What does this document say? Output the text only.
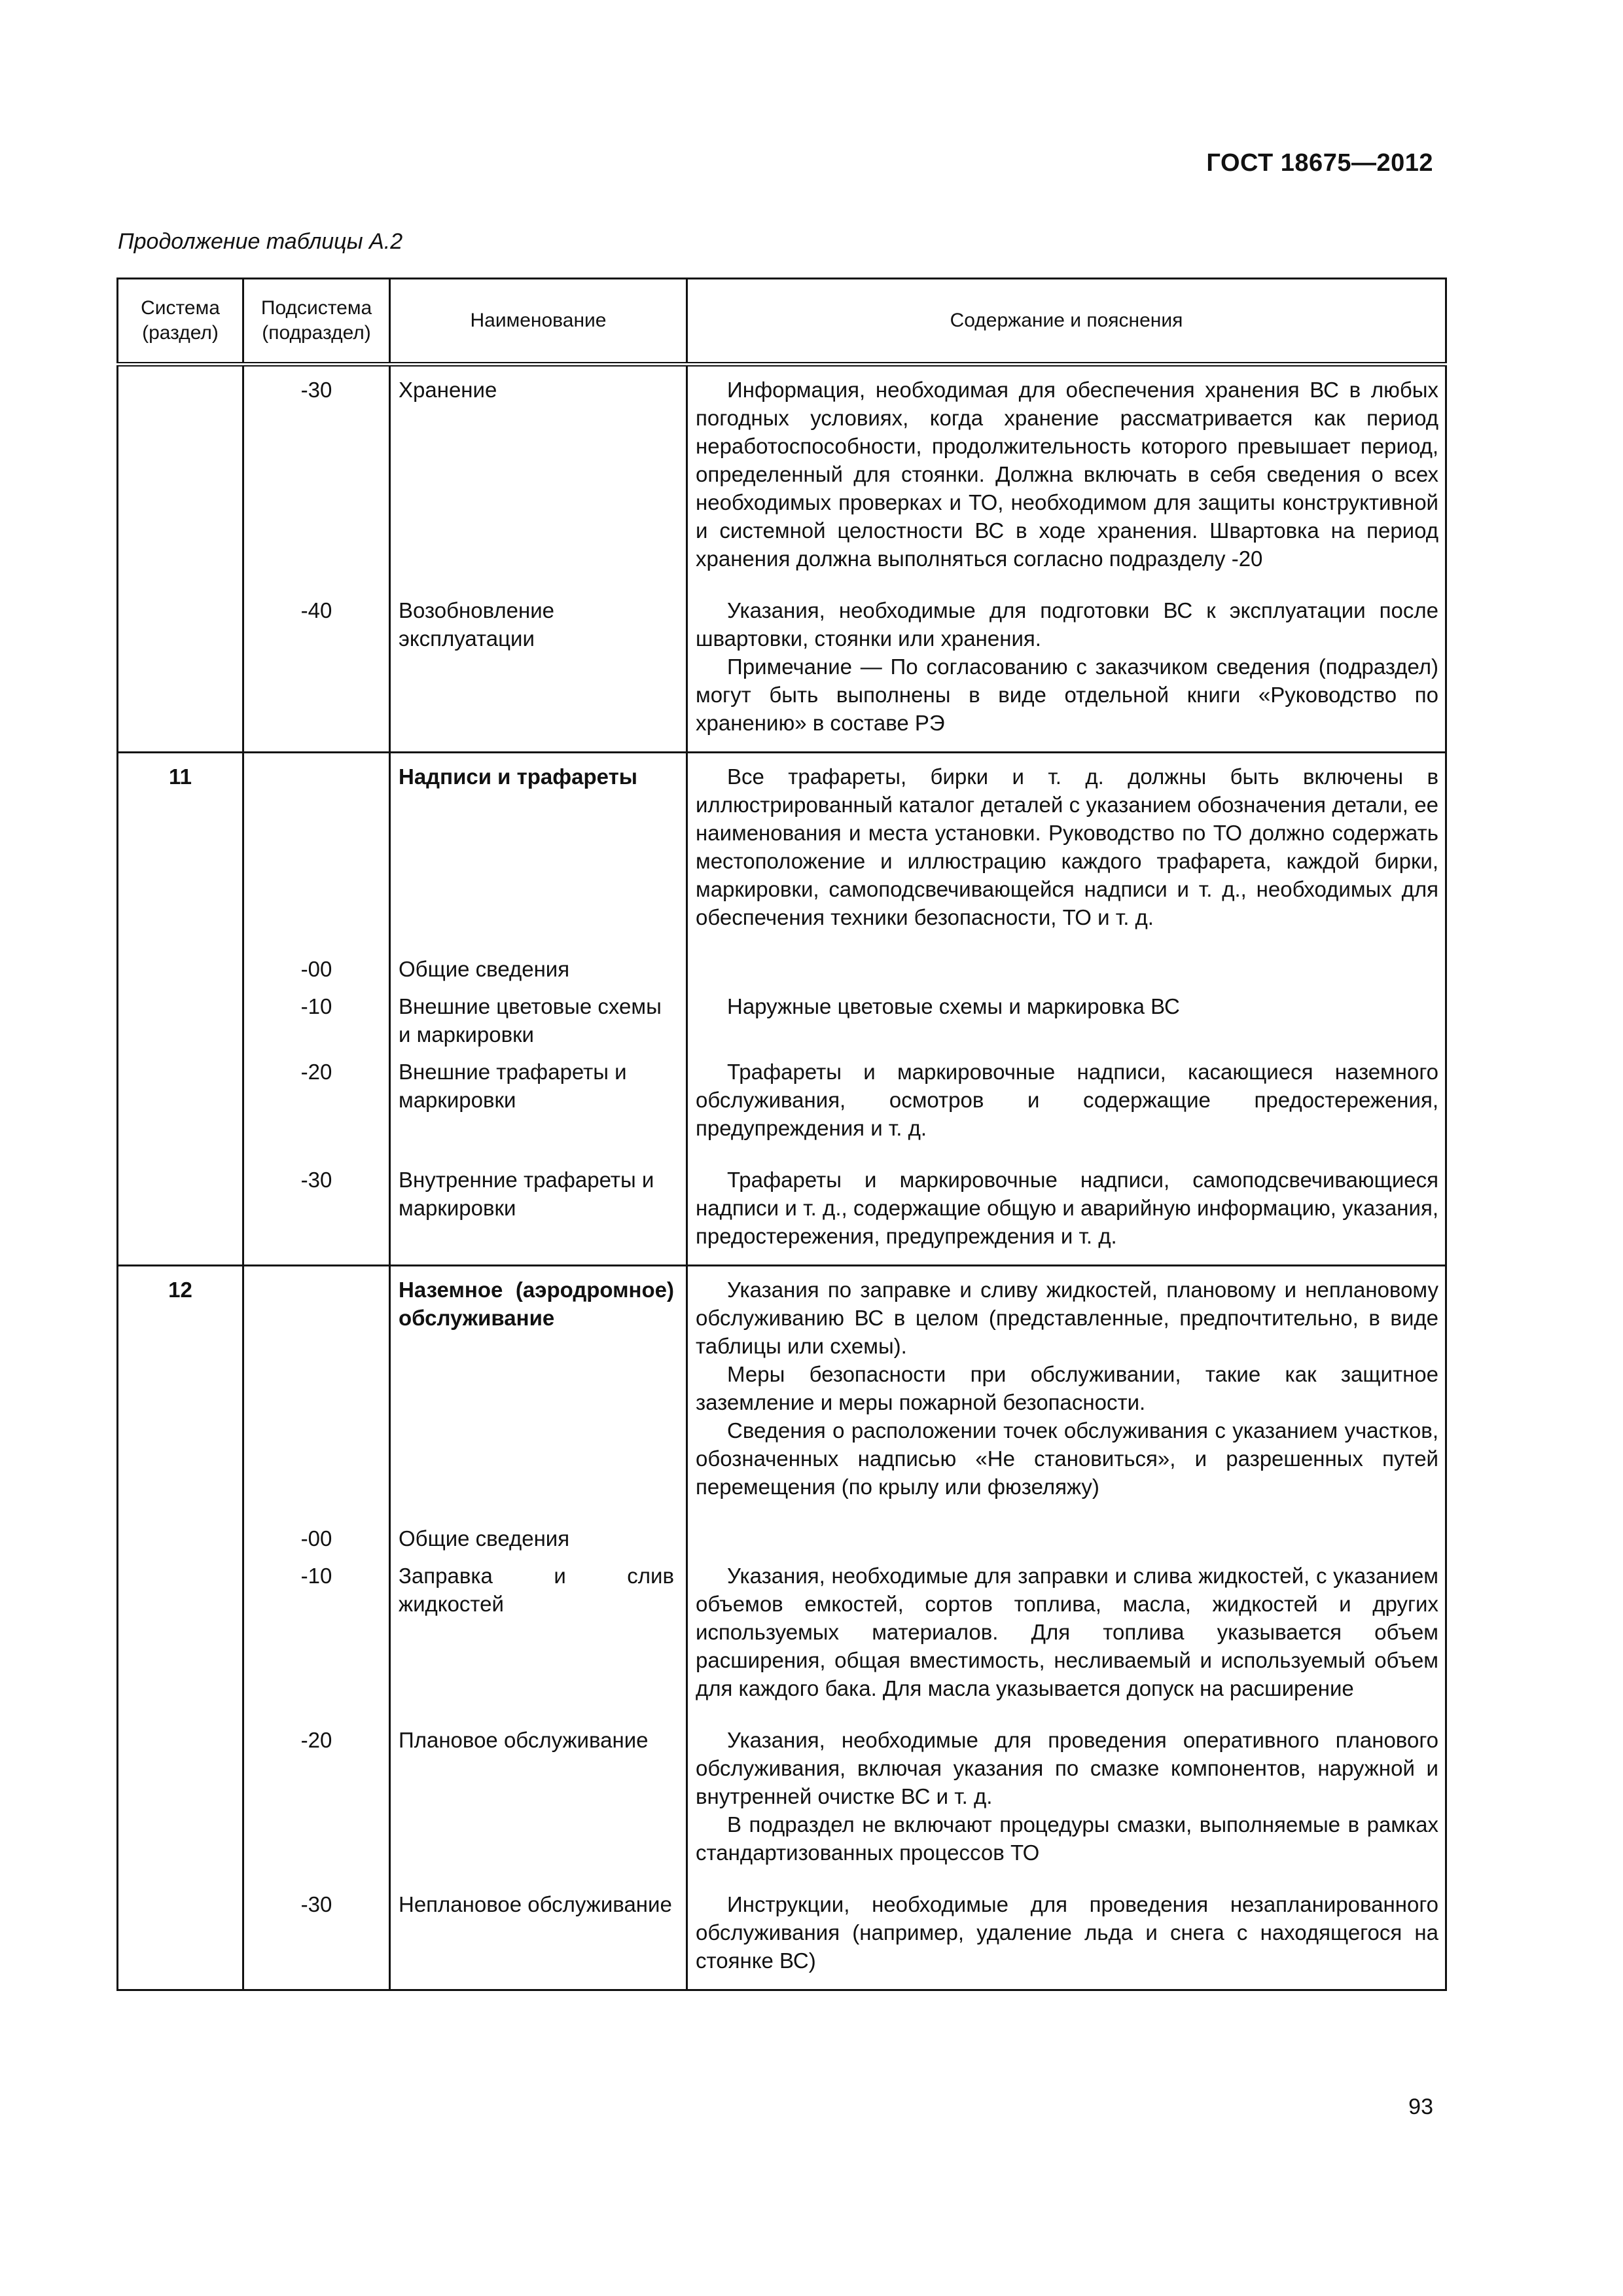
ГОСТ 18675—2012
Продолжение таблицы А.2
Система (раздел)	Подсистема (подраздел)	Наименование	Содержание и пояснения
	-30	Хранение	Информация, необходимая для обеспечения хранения ВС в любых погодных условиях, когда хранение рассматривается как период неработоспособности, продолжительность которого превышает период, определенный для стоянки. Должна включать в себя сведения о всех необходимых проверках и ТО, необходимом для защиты конструктивной и системной целостности ВС в ходе хранения. Швартовка на период хранения должна выполняться согласно подразделу -20

	-40	Возобновление эксплуатации	Указания, необходимые для подготовки ВС к эксплуатации после швартовки, стоянки или хранения.

Примечание — По согласованию с заказчиком сведения (подраздел) могут быть выполнены в виде отдельной книги «Руководство по хранению» в составе РЭ

11		Надписи и трафареты	Все трафареты, бирки и т. д. должны быть включены в иллюстрированный каталог деталей с указанием обозначения детали, ее наименования и места установки. Руководство по ТО должно содержать местоположение и иллюстрацию каждого трафарета, каждой бирки, маркировки, самоподсвечивающейся надписи и т. д., необходимых для обеспечения техники безопасности, ТО и т. д.

	-00	Общие сведения	

	-10	Внешние цветовые схемы и маркировки	Наружные цветовые схемы и маркировка ВС

	-20	Внешние трафареты и маркировки	Трафареты и маркировочные надписи, касающиеся наземного обслуживания, осмотров и содержащие предостережения, предупреждения и т. д.

	-30	Внутренние трафареты и маркировки	Трафареты и маркировочные надписи, самоподсвечивающиеся надписи и т. д., содержащие общую и аварийную информацию, указания, предостережения, предупреждения и т. д.

12		Наземное (аэродромное) обслуживание	Указания по заправке и сливу жидкостей, плановому и неплановому обслуживанию ВС в целом (представленные, предпочтительно, в виде таблицы или схемы).

Меры безопасности при обслуживании, такие как защитное заземление и меры пожарной безопасности.

Сведения о расположении точек обслуживания с указанием участков, обозначенных надписью «Не становиться», и разрешенных путей перемещения (по крылу или фюзеляжу)

	-00	Общие сведения	

	-10	Заправка и слив жидкостей	Указания, необходимые для заправки и слива жидкостей, с указанием объемов емкостей, сортов топлива, масла, жидкостей и других используемых материалов. Для топлива указывается объем расширения, общая вместимость, несливаемый и используемый объем для каждого бака. Для масла указывается допуск на расширение

	-20	Плановое обслуживание	Указания, необходимые для проведения оперативного планового обслуживания, включая указания по смазке компонентов, наружной и внутренней очистке ВС и т. д.

В подраздел не включают процедуры смазки, выполняемые в рамках стандартизованных процессов ТО

	-30	Неплановое обслуживание	Инструкции, необходимые для проведения незапланированного обслуживания (например, удаление льда и снега с находящегося на стоянке ВС)

93
